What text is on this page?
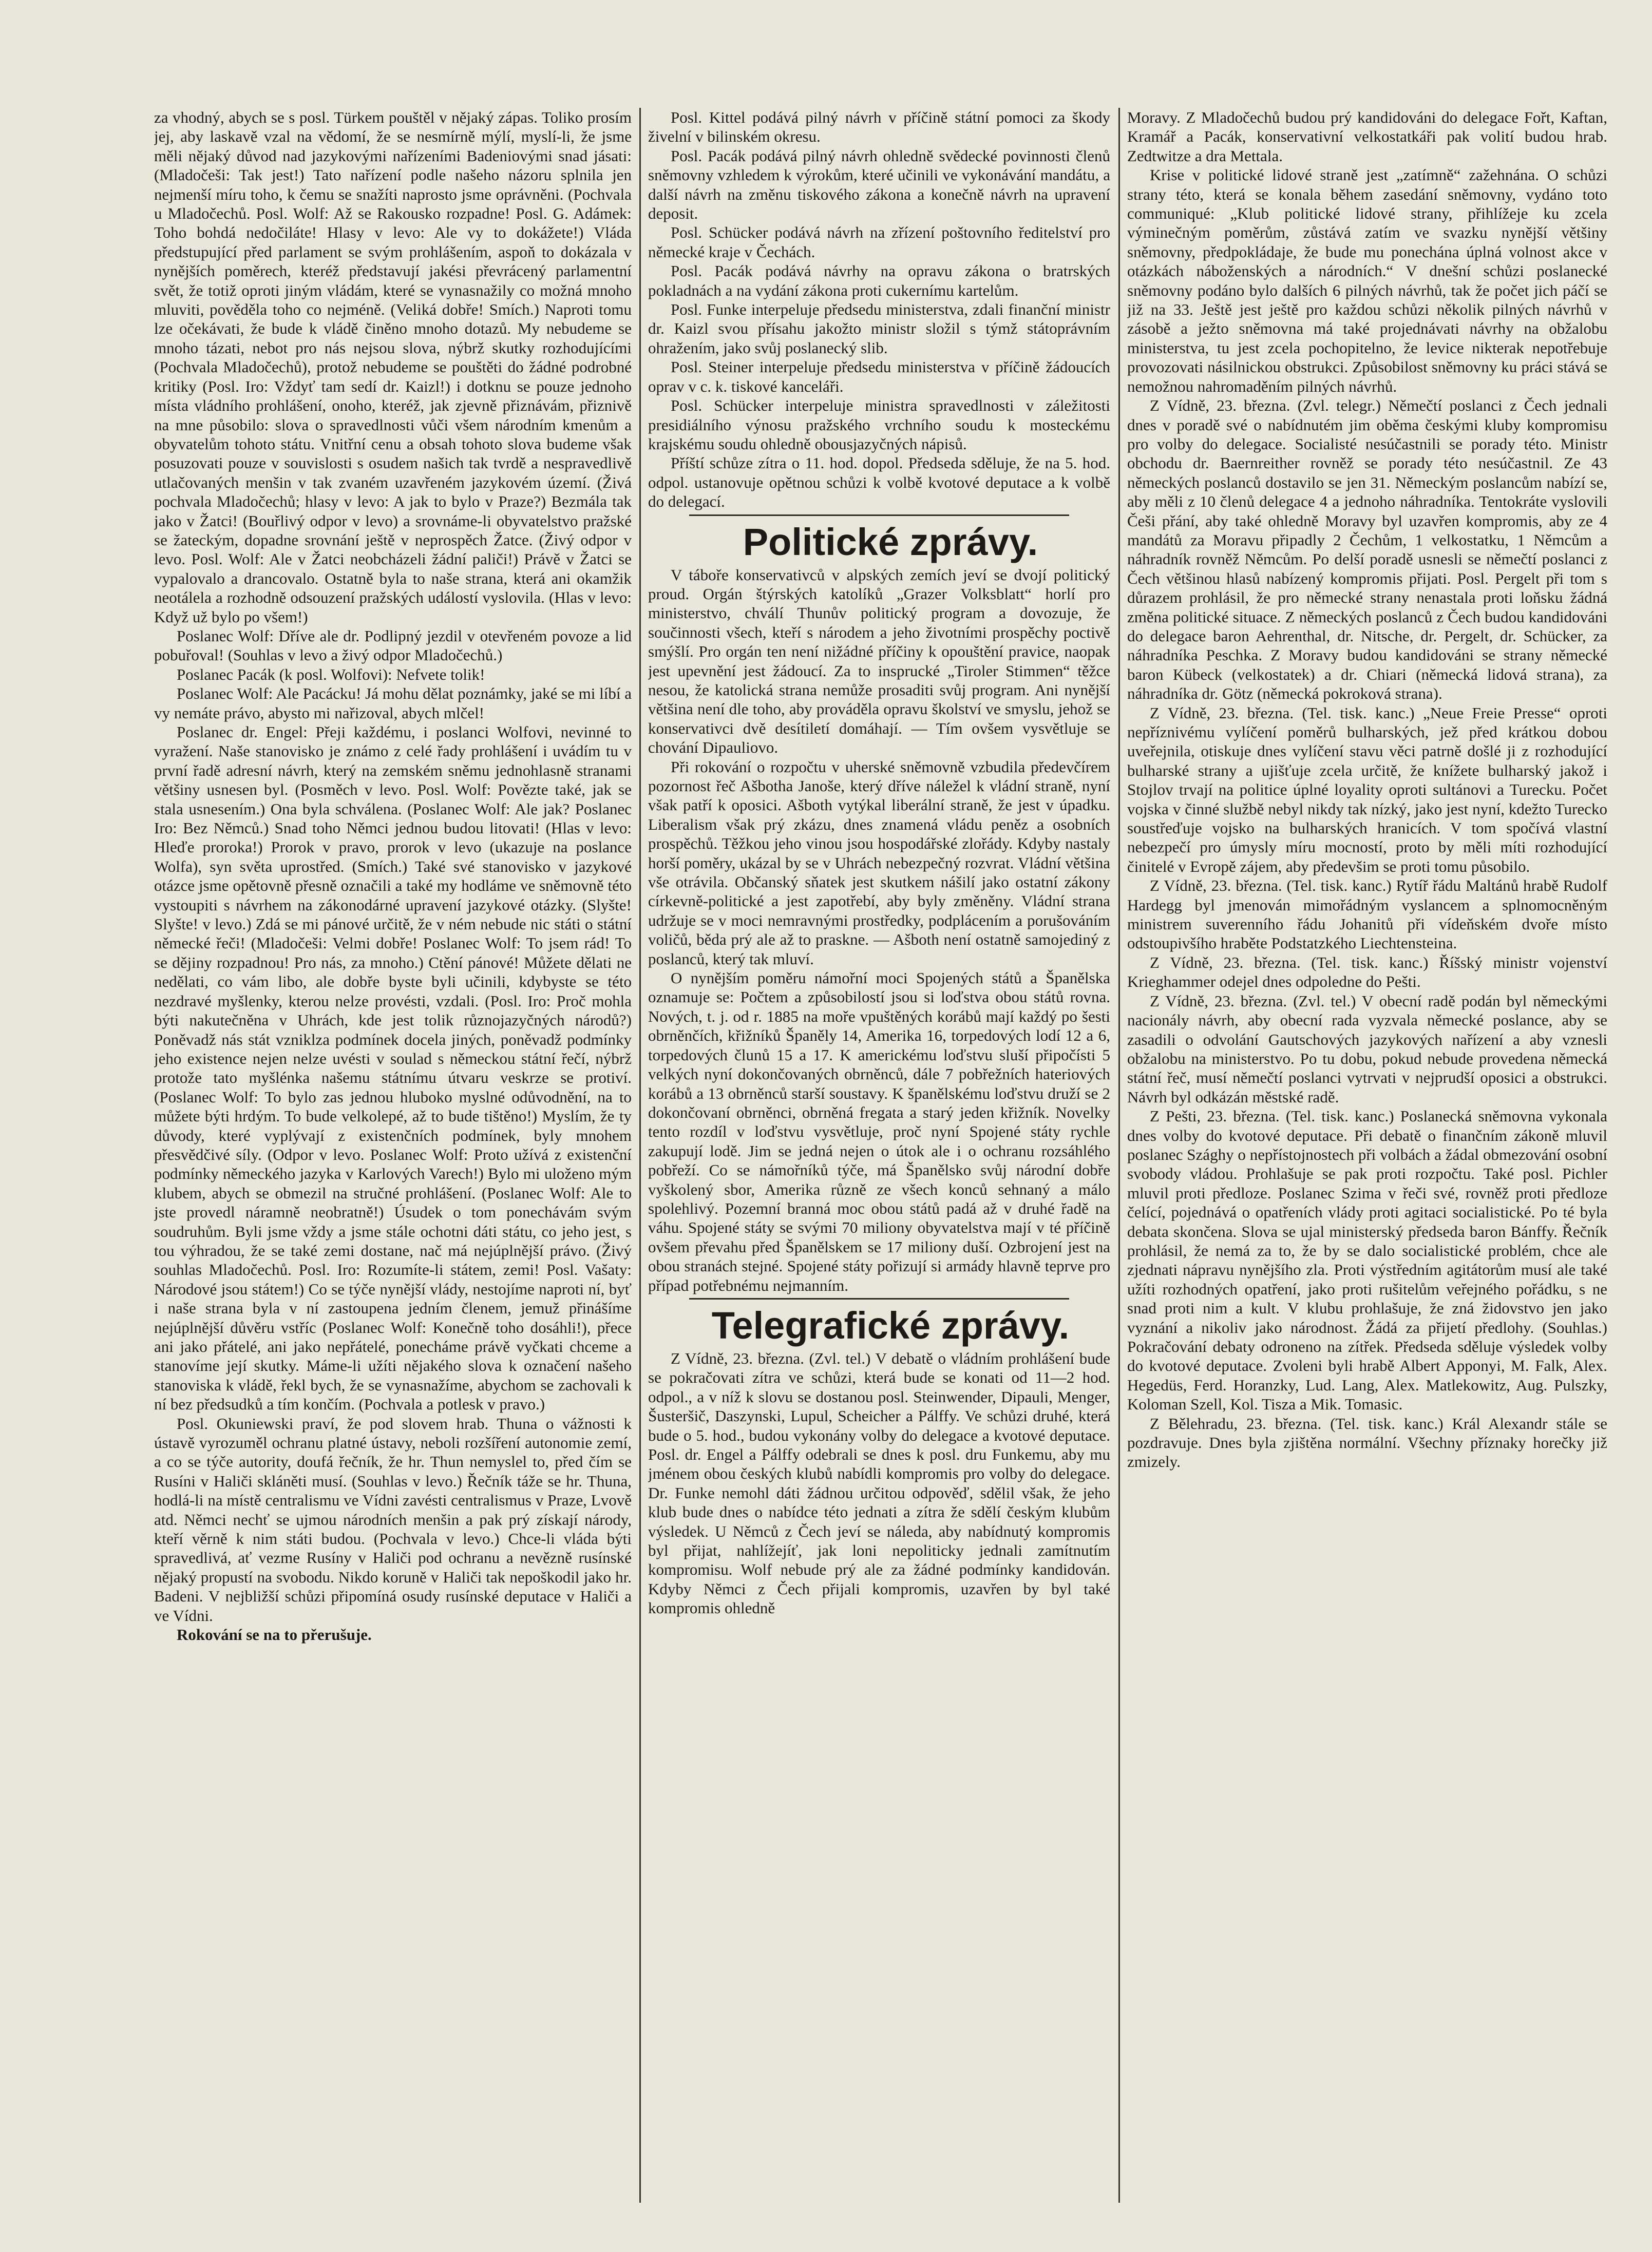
za vhodný, abych se s posl. Türkem pouštěl v nějaký zápas. Toliko prosím jej, aby laskavě vzal na vědomí, že se nesmírně mýlí, myslí-li, že jsme měli nějaký důvod nad jazykovými nařízeními Badeniovými snad jásati: (Mladočeši: Tak jest!) Tato nařízení podle našeho názoru splnila jen nejmenší míru toho, k čemu se snažíti naprosto jsme oprávněni. (Pochvala u Mladočechů. Posl. Wolf: Až se Rakousko rozpadne! Posl. G. Adámek: Toho bohdá nedočiláte! Hlasy v levo: Ale vy to dokážete!) Vláda předstupující před parlament se svým prohlášením, aspoň to dokázala v nynějších poměrech, kteréž představují jakési převrácený parlamentní svět, že totiž oproti jiným vládám, které se vynasnažily co možná mnoho mluviti, pověděla toho co nejméně. (Veliká dobře! Smích.) Naproti tomu lze očekávati, že bude k vládě činěno mnoho dotazů. My nebudeme se mnoho tázati, nebot pro nás nejsou slova, nýbrž skutky rozhodujícími (Pochvala Mladočechů), protož nebudeme se pouštěti do žádné podrobné kritiky (Posl. Iro: Vždyť tam sedí dr. Kaizl!) i dotknu se pouze jednoho místa vládního prohlášení, onoho, kteréž, jak zjevně přiznávám, přiznivě na mne působilo: slova o spravedlnosti vůči všem národním kmenům a obyvatelům tohoto státu. Vnitřní cenu a obsah tohoto slova budeme však posuzovati pouze v souvislosti s osudem našich tak tvrdě a nespravedlivě utlačovaných menšin v tak zvaném uzavřeném jazykovém území. (Živá pochvala Mladočechů; hlasy v levo: A jak to bylo v Praze?) Bezmála tak jako v Žatci! (Bouřlivý odpor v levo) a srovnáme-li obyvatelstvo pražské se žateckým, dopadne srovnání ještě v neprospěch Žatce. (Živý odpor v levo. Posl. Wolf: Ale v Žatci neobcházeli žádní paliči!) Právě v Žatci se vypalovalo a drancovalo. Ostatně byla to naše strana, která ani okamžik neotálela a rozhodně odsouzení pražských událostí vyslovila. (Hlas v levo: Když už bylo po všem!)

Poslanec Wolf: Dříve ale dr. Podlipný jezdil v otevřeném povoze a lid pobuřoval! (Souhlas v levo a živý odpor Mladočechů.)

Poslanec Pacák (k posl. Wolfovi): Nefvete tolik!

Poslanec Wolf: Ale Pacácku! Já mohu dělat poznámky, jaké se mi líbí a vy nemáte právo, abysto mi nařizoval, abych mlčel!

Poslanec dr. Engel: Přeji každému, i poslanci Wolfovi, nevinné to vyražení. Naše stanovisko je známo z celé řady prohlášení i uvádím tu v první řadě adresní návrh, který na zemském sněmu jednohlasně stranami většiny usnesen byl. (Posměch v levo. Posl. Wolf: Povězte také, jak se stala usnesením.) Ona byla schválena. (Poslanec Wolf: Ale jak? Poslanec Iro: Bez Němců.) Snad toho Němci jednou budou litovati! (Hlas v levo: Hleďe proroka!) Prorok v pravo, prorok v levo (ukazuje na poslance Wolfa), syn světa uprostřed. (Smích.) Také své stanovisko v jazykové otázce jsme opětovně přesně označili a také my hodláme ve sněmovně této vystoupiti s návrhem na zákonodárné upravení jazykové otázky. (Slyšte! Slyšte! v levo.) Zdá se mi pánové určitě, že v ném nebude nic státi o státní německé řeči! (Mladočeši: Velmi dobře! Poslanec Wolf: To jsem rád! To se dějiny rozpadnou! Pro nás, za mnoho.) Ctění pánové! Můžete dělati ne nedělati, co vám libo, ale dobře byste byli učinili, kdybyste se této nezdravé myšlenky, kterou nelze provésti, vzdali. (Posl. Iro: Proč mohla býti nakutečněna v Uhrách, kde jest tolik různojazyčných národů?) Poněvadž nás stát vzniklza podmínek docela jiných, poněvadž podmínky jeho existence nejen nelze uvésti v soulad s německou státní řečí, nýbrž protože tato myšlénka našemu státnímu útvaru veskrze se protiví. (Poslanec Wolf: To bylo zas jednou hluboko myslné odůvodnění, na to můžete býti hrdým. To bude velkolepé, až to bude tištěno!) Myslím, že ty důvody, které vyplývají z existenčních podmínek, byly mnohem přesvědčivé síly. (Odpor v levo. Poslanec Wolf: Proto užívá z existenční podmínky německého jazyka v Karlových Varech!) Bylo mi uloženo mým klubem, abych se obmezil na stručné prohlášení. (Poslanec Wolf: Ale to jste provedl náramně neobratně!) Úsudek o tom ponechávám svým soudruhům. Byli jsme vždy a jsme stále ochotni dáti státu, co jeho jest, s tou výhradou, že se také zemi dostane, nač má nejúplnější právo. (Živý souhlas Mladočechů. Posl. Iro: Rozumíte-li státem, zemi! Posl. Vašaty: Národové jsou státem!) Co se týče nynější vlády, nestojíme naproti ní, byť i naše strana byla v ní zastoupena jedním členem, jemuž přinášíme nejúplnější důvěru vstříc (Poslanec Wolf: Konečně toho dosáhli!), přece ani jako přátelé, ani jako nepřátelé, ponecháme právě vyčkati chceme a stanovíme její skutky. Máme-li užíti nějakého slova k označení našeho stanoviska k vládě, řekl bych, že se vynasnažíme, abychom se zachovali k ní bez předsudků a tím končím. (Pochvala a potlesk v pravo.)

Posl. Okuniewski praví, že pod slovem hrab. Thuna o vážnosti k ústavě vyrozuměl ochranu platné ústavy, neboli rozšíření autonomie zemí, a co se týče autority, doufá řečník, že hr. Thun nemyslel to, před čím se Rusíni v Haliči skláněti musí. (Souhlas v levo.) Řečník táže se hr. Thuna, hodlá-li na místě centralismu ve Vídni zavésti centralismus v Praze, Lvově atd. Němci nechť se ujmou národních menšin a pak prý získají národy, kteří věrně k nim státi budou. (Pochvala v levo.) Chce-li vláda býti spravedlivá, ať vezme Rusíny v Haliči pod ochranu a nevězně rusínské nějaký propustí na svobodu. Nikdo koruně v Haliči tak nepoškodil jako hr. Badeni. V nejbližší schůzi připomíná osudy rusínské deputace v Haliči a ve Vídni.

Rokování se na to přerušuje.

Posl. Kittel podává pilný návrh v příčině státní pomoci za škody živelní v bilinském okresu.

Posl. Pacák podává pilný návrh ohledně svědecké povinnosti členů sněmovny vzhledem k výrokům, které učinili ve vykonávání mandátu, a další návrh na změnu tiskového zákona a konečně návrh na upravení deposit.

Posl. Schücker podává návrh na zřízení poštovního ředitelství pro německé kraje v Čechách.

Posl. Pacák podává návrhy na opravu zákona o bratrských pokladnách a na vydání zákona proti cukernímu kartelům.

Posl. Funke interpeluje předsedu ministerstva, zdali finanční ministr dr. Kaizl svou přísahu jakožto ministr složil s týmž státoprávním ohražením, jako svůj poslanecký slib.

Posl. Steiner interpeluje předsedu ministerstva v příčině žádoucích oprav v c. k. tiskové kanceláři.

Posl. Schücker interpeluje ministra spravedlnosti v záležitosti presidiálního výnosu pražského vrchního soudu k mosteckému krajskému soudu ohledně obousjazyčných nápisů.

Příští schůze zítra o 11. hod. dopol. Předseda sděluje, že na 5. hod. odpol. ustanovuje opětnou schůzi k volbě kvotové deputace a k volbě do delegací.

Politické zprávy.

V táboře konservativců v alpských zemích jeví se dvojí politický proud. Orgán štýrských katolíků „Grazer Volksblatt“ horlí pro ministerstvo, chválí Thunův politický program a dovozuje, že součinnosti všech, kteří s národem a jeho životními prospěchy poctivě smýšlí. Pro orgán ten není nižádné příčiny k opouštění pravice, naopak jest upevnění jest žádoucí. Za to insprucké „Tiroler Stimmen“ těžce nesou, že katolická strana nemůže prosaditi svůj program. Ani nynější většina není dle toho, aby prováděla opravu školství ve smyslu, jehož se konservativci dvě desítiletí domáhají. — Tím ovšem vysvětluje se chování Dipauliovo.

Při rokování o rozpočtu v uherské sněmovně vzbudila předevčírem pozornost řeč Ašbotha Janoše, který dříve náležel k vládní straně, nyní však patří k oposici. Ašboth vytýkal liberální straně, že jest v úpadku. Liberalism však prý zkázu, dnes znamená vládu peněz a osobních prospěchů. Těžkou jeho vinou jsou hospodářské zlořády. Kdyby nastaly horší poměry, ukázal by se v Uhrách nebezpečný rozvrat. Vládní většina vše otrávila. Občanský sňatek jest skutkem nášilí jako ostatní zákony církevně-politické a jest zapotřebí, aby byly změněny. Vládní strana udržuje se v moci nemravnými prostředky, podplácením a porušováním voličů, běda prý ale až to praskne. — Ašboth není ostatně samojediný z poslanců, který tak mluví.

O nynějším poměru námořní moci Spojených států a Španělska oznamuje se: Počtem a způsobilostí jsou si loďstva obou států rovna. Nových, t. j. od r. 1885 na moře vpuštěných korábů mají každý po šesti obrněnčích, křižníků Španěly 14, Amerika 16, torpedových lodí 12 a 6, torpedových člunů 15 a 17. K americkému loďstvu sluší připočísti 5 velkých nyní dokončovaných obrněnců, dále 7 pobřežních hateriových korábů a 13 obrněnců starší soustavy. K španělskému loďstvu druží se 2 dokončovaní obrněnci, obrněná fregata a starý jeden křižník. Novelky tento rozdíl v loďstvu vysvětluje, proč nyní Spojené státy rychle zakupují lodě. Jim se jedná nejen o útok ale i o ochranu rozsáhlého pobřeží. Co se námořníků týče, má Španělsko svůj národní dobře vyškolený sbor, Amerika různě ze všech konců sehnaný a málo spolehlivý. Pozemní branná moc obou států padá až v druhé řadě na váhu. Spojené státy se svými 70 miliony obyvatelstva mají v té příčině ovšem převahu před Španělskem se 17 miliony duší. Ozbrojení jest na obou stranách stejné. Spojené státy pořizují si armády hlavně teprve pro případ potřebnému nejmanním.

Telegrafické zprávy.

Z Vídně, 23. března. (Zvl. tel.) V debatě o vládním prohlášení bude se pokračovati zítra ve schůzi, která bude se konati od 11—2 hod. odpol., a v níž k slovu se dostanou posl. Steinwender, Dipauli, Menger, Šusteršič, Daszynski, Lupul, Scheicher a Pálffy. Ve schůzi druhé, která bude o 5. hod., budou vykonány volby do delegace a kvotové deputace. Posl. dr. Engel a Pálffy odebrali se dnes k posl. dru Funkemu, aby mu jménem obou českých klubů nabídli kompromis pro volby do delegace. Dr. Funke nemohl dáti žádnou určitou odpověď, sdělil však, že jeho klub bude dnes o nabídce této jednati a zítra že sdělí českým klubům výsledek. U Němců z Čech jeví se náleda, aby nabídnutý kompromis byl přijat, nahlížejíť, jak loni nepoliticky jednali zamítnutím kompromisu. Wolf nebude prý ale za žádné podmínky kandidován. Kdyby Němci z Čech přijali kompromis, uzavřen by byl také kompromis ohledně

Moravy. Z Mladočechů budou prý kandidováni do delegace Fořt, Kaftan, Kramář a Pacák, konservativní velkostatkáři pak volití budou hrab. Zedtwitze a dra Mettala.

Krise v politické lidové straně jest „zatímně“ zažehnána. O schůzi strany této, která se konala během zasedání sněmovny, vydáno toto communiqué: „Klub politické lidové strany, přihlížeje ku zcela výminečným poměrům, zůstává zatím ve svazku nynější většiny sněmovny, předpokládaje, že bude mu ponechána úplná volnost akce v otázkách náboženských a národních.“ V dnešní schůzi poslanecké sněmovny podáno bylo dalších 6 pilných návrhů, tak že počet jich páčí se již na 33. Ještě jest ještě pro každou schůzi několik pilných návrhů v zásobě a ježto sněmovna má také projednávati návrhy na obžalobu ministerstva, tu jest zcela pochopitelno, že levice nikterak nepotřebuje provozovati násilnickou obstrukci. Způsobilost sněmovny ku práci stává se nemožnou nahromaděním pilných návrhů.

Z Vídně, 23. března. (Zvl. telegr.) Němečtí poslanci z Čech jednali dnes v poradě své o nabídnutém jim oběma českými kluby kompromisu pro volby do delegace. Socialisté nesúčastnili se porady této. Ministr obchodu dr. Baernreither rovněž se porady této nesúčastnil. Ze 43 německých poslanců dostavilo se jen 31. Německým poslancům nabízí se, aby měli z 10 členů delegace 4 a jednoho náhradníka. Tentokráte vyslovili Češi přání, aby také ohledně Moravy byl uzavřen kompromis, aby ze 4 mandátů za Moravu připadly 2 Čechům, 1 velkostatku, 1 Němcům a náhradník rovněž Němcům. Po delší poradě usnesli se němečtí poslanci z Čech většinou hlasů nabízený kompromis přijati. Posl. Pergelt při tom s důrazem prohlásil, že pro německé strany nenastala proti loňsku žádná změna politické situace. Z německých poslanců z Čech budou kandidováni do delegace baron Aehrenthal, dr. Nitsche, dr. Pergelt, dr. Schücker, za náhradníka Peschka. Z Moravy budou kandidováni se strany německé baron Kübeck (velkostatek) a dr. Chiari (německá lidová strana), za náhradníka dr. Götz (německá pokroková strana).

Z Vídně, 23. března. (Tel. tisk. kanc.) „Neue Freie Presse“ oproti nepříznivému vylíčení poměrů bulharských, jež před krátkou dobou uveřejnila, otiskuje dnes vylíčení stavu věci patrně došlé ji z rozhodující bulharské strany a ujišťuje zcela určitě, že knížete bulharský jakož i Stojlov trvají na politice úplné loyality oproti sultánovi a Turecku. Počet vojska v činné službě nebyl nikdy tak nízký, jako jest nyní, kdežto Turecko soustřeďuje vojsko na bulharských hranicích. V tom spočívá vlastní nebezpečí pro úmysly míru mocností, proto by měli míti rozhodující činitelé v Evropě zájem, aby předevšim se proti tomu působilo.

Z Vídně, 23. března. (Tel. tisk. kanc.) Rytíř řádu Maltánů hrabě Rudolf Hardegg byl jmenován mimořádným vyslancem a splnomocněným ministrem suverenního řádu Johanitů při vídeňském dvoře místo odstoupivšího hraběte Podstatzkého Liechtensteina.

Z Vídně, 23. března. (Tel. tisk. kanc.) Říšský ministr vojenství Krieghammer odejel dnes odpoledne do Pešti.

Z Vídně, 23. března. (Zvl. tel.) V obecní radě podán byl německými nacionály návrh, aby obecní rada vyzvala německé poslance, aby se zasadili o odvolání Gautschových jazykových nařízení a aby vznesli obžalobu na ministerstvo. Po tu dobu, pokud nebude provedena německá státní řeč, musí němečtí poslanci vytrvati v nejprudší oposici a obstrukci. Návrh byl odkázán městské radě.

Z Pešti, 23. března. (Tel. tisk. kanc.) Poslanecká sněmovna vykonala dnes volby do kvotové deputace. Při debatě o finančním zákoně mluvil poslanec Szághy o nepřístojnostech při volbách a žádal obmezování osobní svobody vládou. Prohlašuje se pak proti rozpočtu. Také posl. Pichler mluvil proti předloze. Poslanec Szima v řeči své, rovněž proti předloze čelící, pojednává o opatřeních vlády proti agitaci socialistické. Po té byla debata skončena. Slova se ujal ministerský předseda baron Bánffy. Řečník prohlásil, že nemá za to, že by se dalo socialistické problém, chce ale zjednati nápravu nynějšího zla. Proti výstředním agitátorům musí ale také užíti rozhodných opatření, jako proti rušitelům veřejného pořádku, s ne snad proti nim a kult. V klubu prohlašuje, že zná židovstvo jen jako vyznání a nikoliv jako národnost. Žádá za přijetí předlohy. (Souhlas.) Pokračování debaty odroneno na zítřek. Předseda sděluje výsledek volby do kvotové deputace. Zvoleni byli hrabě Albert Apponyi, M. Falk, Alex. Hegedüs, Ferd. Horanzky, Lud. Lang, Alex. Matlekowitz, Aug. Pulszky, Koloman Szell, Kol. Tisza a Mik. Tomasic.

Z Bělehradu, 23. března. (Tel. tisk. kanc.) Král Alexandr stále se pozdravuje. Dnes byla zjištěna normální. Všechny příznaky horečky již zmizely.
